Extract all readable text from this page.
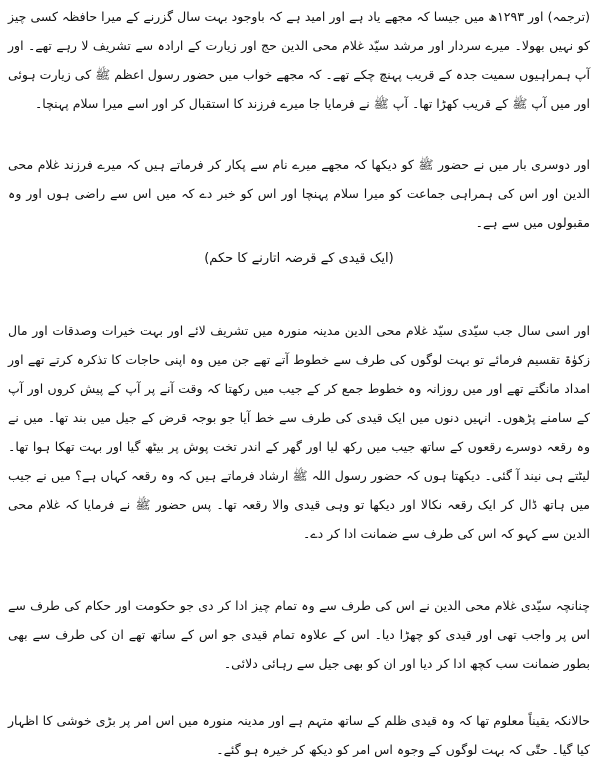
(ترجمہ) اور ۱۲۹۳ھ میں جیسا کہ مجھے یاد ہے اور امید ہے کہ باوجود بہت سال گزرنے کے میرا حافظہ کسی چیز کو نہیں بھولا۔ میرے سردار اور مرشد سیّد غلام محی الدین حج اور زیارت کے ارادہ سے تشریف لا رہے تھے۔ اور آپ ہمراہیوں سمیت جدہ کے قریب پہنچ چکے تھے۔ کہ مجھے خواب میں حضور رسول اعظم ﷺ کی زیارت ہوئی اور میں آپ ﷺ کے قریب کھڑا تھا۔ آپ ﷺ نے فرمایا جا میرے فرزند کا استقبال کر اور اسے میرا سلام پہنچا۔

اور دوسری بار میں نے حضور ﷺ کو دیکھا کہ مجھے میرے نام سے پکار کر فرماتے ہیں کہ میرے فرزند غلام محی الدین اور اس کی ہمراہی جماعت کو میرا سلام پہنچا اور اس کو خبر دے کہ میں اس سے راضی ہوں اور وہ مقبولوں میں سے ہے۔

(ایک قیدی کے قرضہ اتارنے کا حکم)

اور اسی سال جب سیّدی سیّد غلام محی الدین مدینہ منورہ میں تشریف لائے اور بہت خیرات وصدقات اور مال زکوٰۃ تقسیم فرمائے تو بہت لوگوں کی طرف سے خطوط آتے تھے جن میں وہ اپنی حاجات کا تذکرہ کرتے تھے اور امداد مانگتے تھے اور میں روزانہ وہ خطوط جمع کر کے جیب میں رکھتا کہ وقت آنے پر آپ کے پیش کروں اور آپ کے سامنے پڑھوں۔ انہیں دنوں میں ایک قیدی کی طرف سے خط آیا جو بوجہ قرض کے جیل میں بند تھا۔ میں نے وہ رقعہ دوسرے رقعوں کے ساتھ جیب میں رکھ لیا اور گھر کے اندر تخت پوش پر بیٹھ گیا اور بہت تھکا ہوا تھا۔ لیٹتے ہی نیند آ گئی۔ دیکھتا ہوں کہ حضور رسول اللہ ﷺ ارشاد فرماتے ہیں کہ وہ رقعہ کہاں ہے؟ میں نے جیب میں ہاتھ ڈال کر ایک رقعہ نکالا اور دیکھا تو وہی قیدی والا رقعہ تھا۔ پس حضور ﷺ نے فرمایا کہ غلام محی الدین سے کہو کہ اس کی طرف سے ضمانت ادا کر دے۔

چنانچہ سیّدی غلام محی الدین نے اس کی طرف سے وہ تمام چیز ادا کر دی جو حکومت اور حکام کی طرف سے اس پر واجب تھی اور قیدی کو چھڑا دیا۔ اس کے علاوہ تمام قیدی جو اس کے ساتھ تھے ان کی طرف سے بھی بطور ضمانت سب کچھ ادا کر دیا اور ان کو بھی جیل سے رہائی دلائی۔

حالانکہ یقیناً معلوم تھا کہ وہ قیدی ظلم کے ساتھ متہم ہے اور مدینہ منورہ میں اس امر پر بڑی خوشی کا اظہار کیا گیا۔ حتّٰی کہ بہت لوگوں کے وجوہ اس امر کو دیکھ کر خیرہ ہو گئے۔
